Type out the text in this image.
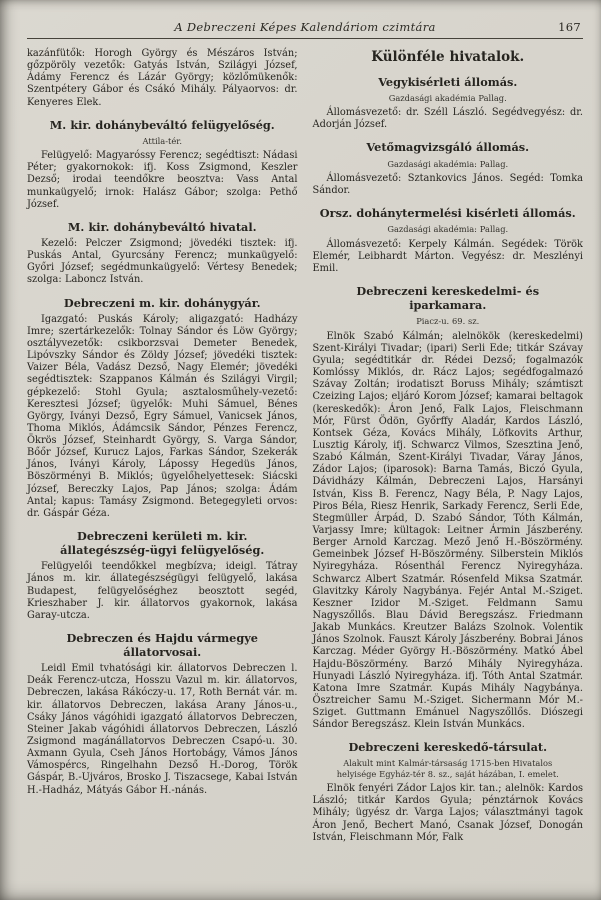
A Debreczeni Képes Kalendáriom czimtára	167

kazánfütők: Horogh György és Mészáros István; gőzpöröly vezetők: Gatyás István, Szilágyi József, Ádámy Ferencz és Lázár György; közlőmükenők: Szentpétery Gábor és Csákó Mihály. Pályaorvos: dr. Kenyeres Elek.

M. kir. dohánybeváltó felügyelőség.
Attila-tér.

Felügyelő: Magyaróssy Ferencz; segédtiszt: Nádasi Péter; gyakornokok: ifj. Koss Zsigmond, Keszler Dezső; irodai teendőkre beosztva: Vass Antal munkaügyelő; irnok: Halász Gábor; szolga: Pethő József.

M. kir. dohánybeváltó hivatal.

Kezelő: Pelczer Zsigmond; jövedéki tisztek: ifj. Puskás Antal, Gyurcsány Ferencz; munkaügyelő: Győri József; segédmunkaügyelő: Vértesy Benedek; szolga: Laboncz István.

Debreczeni m. kir. dohánygyár.

Igazgató: Puskás Károly; aligazgató: Hadházy Imre; szertárkezelők: Tolnay Sándor és Löw György; osztályvezetők: csikborzsvai Demeter Benedek, Lipóvszky Sándor és Zöldy József; jövedéki tisztek: Vaizer Béla, Vadász Dezső, Nagy Elemér; jövedéki segédtisztek: Szappanos Kálmán és Szilágyi Virgil; gépkezelő: Stohl Gyula; asztalosműhely-vezető: Keresztesi József; ügyelők: Muhi Sámuel, Bénes György, Iványi Dezső, Egry Sámuel, Vanicsek János, Thoma Miklós, Ádámcsik Sándor, Pénzes Ferencz, Ökrös József, Steinhardt György, S. Varga Sándor, Bőőr József, Kurucz Lajos, Farkas Sándor, Szekerák János, Iványi Károly, Lápossy Hegedüs János, Böszörményi B. Miklós; ügyelőhelyettesek: Siácski József, Bereczky Lajos, Pap János; szolga: Ádám Antal; kapus: Tamásy Zsigmond. Betegegyleti orvos: dr. Gáspár Géza.

Debreczeni kerületi m. kir. állategészség-ügyi felügyelőség.

Felügyelői teendőkkel megbízva; ideigl. Tátray János m. kir. állategészségügyi felügyelő, lakása Budapest, felügyelőséghez beosztott segéd, Krieszhaber J. kir. állatorvos gyakornok, lakása Garay-utcza.

Debreczen és Hajdu vármegye állatorvosai.

Leidl Emil tvhatósági kir. állatorvos Debreczen l. Deák Ferencz-utcza, Hosszu Vazul m. kir. állatorvos, Debreczen, lakása Rákóczy-u. 17, Roth Bernát vár. m. kir. állatorvos Debreczen, lakása Arany János-u., Csáky János vágóhidi igazgató állatorvos Debreczen, Steiner Jakab vágóhidi állatorvos Debreczen, László Zsigmond magánállatorvos Debreczen Csapó-u. 30. Axmann Gyula, Cseh János Hortobágy, Vámos János Vámospércs, Ringelhahn Dezső H.-Dorog, Török Gáspár, B.-Ujváros, Brosko J. Tiszacsege, Kabai István H.-Hadház, Mátyás Gábor H.-nánás.

Különféle hivatalok.
Vegykisérleti állomás.
Gazdasági akadémia Pallag.

Állomásvezető: dr. Széll László. Segédvegyész: dr. Adorján József.

Vetőmagvizsgáló állomás.
Gazdasági akadémia: Pallag.

Állomásvezető: Sztankovics János. Segéd: Tomka Sándor.

Orsz. dohánytermelési kisérleti állomás.
Gazdasági akadémia: Pallag.

Állomásvezető: Kerpely Kálmán. Segédek: Török Elemér, Leibhardt Márton. Vegyész: dr. Meszlényi Emil.

Debreczeni kereskedelmi- és iparkamara.
Piacz-u. 69. sz.

Elnök Szabó Kálmán; alelnökök (kereskedelmi) Szent-Királyi Tivadar; (ipari) Serli Ede; titkár Szávay Gyula; segédtitkár dr. Rédei Dezső; fogalmazók Komlóssy Miklós, dr. Rácz Lajos; segédfogalmazó Szávay Zoltán; irodatiszt Boruss Mihály; számtiszt Czeizing Lajos; eljáró Korom József; kamarai beltagok (kereskedők): Áron Jenő, Falk Lajos, Fleischmann Mór, Fürst Ödön, Győrffy Aladár, Kardos László, Kontsek Géza, Kovács Mihály, Löfkovits Arthur, Lusztig Károly, ifj. Schwarcz Vilmos, Szesztina Jenő, Szabó Kálmán, Szent-Királyi Tivadar, Váray János, Zádor Lajos; (iparosok): Barna Tamás, Biczó Gyula, Dávidházy Kálmán, Debreczeni Lajos, Harsányi István, Kiss B. Ferencz, Nagy Béla, P. Nagy Lajos, Piros Béla, Riesz Henrik, Sarkady Ferencz, Serli Ede, Stegmüller Árpád, D. Szabó Sándor, Tóth Kálmán, Varjassy Imre; kültagok: Leitner Ármin Jászberény. Berger Arnold Karczag. Mező Jenő H.-Böszörmény. Gemeinbek József H-Böszörmény. Silberstein Miklós Nyiregyháza. Rósenthál Ferencz Nyiregyháza. Schwarcz Albert Szatmár. Rósenfeld Miksa Szatmár. Glavitzky Károly Nagybánya. Fejér Antal M.-Sziget. Keszner Izidor M.-Sziget. Feldmann Samu Nagyszőllős. Blau Dávid Beregszász. Friedmann Jakab Munkács. Kreutzer Balázs Szolnok. Volentik János Szolnok. Fauszt Károly Jászberény. Bobrai János Karczag. Méder György H.-Böszörmény. Matkó Ábel Hajdu-Böszörmény. Barzó Mihály Nyiregyháza. Hunyadi László Nyiregyháza. ifj. Tóth Antal Szatmár. Katona Imre Szatmár. Kupás Mihály Nagybánya. Ösztreicher Samu M.-Sziget. Sichermann Mór M.-Sziget. Guttmann Emánuel Nagyszőllős. Diószegi Sándor Beregszász. Klein István Munkács.

Debreczeni kereskedő-társulat.
Alakult mint Kalmár-társaság 1715-ben Hivatalos helyisége Egyház-tér 8. sz., saját házában, I. emelet.

Elnök fenyéri Zádor Lajos kir. tan.; alelnök: Kardos László; titkár Kardos Gyula; pénztárnok Kovács Mihály; ügyész dr. Varga Lajos; választmányi tagok Áron Jenő, Bechert Manó, Csanak József, Donogán István, Fleischmann Mór, Falk
